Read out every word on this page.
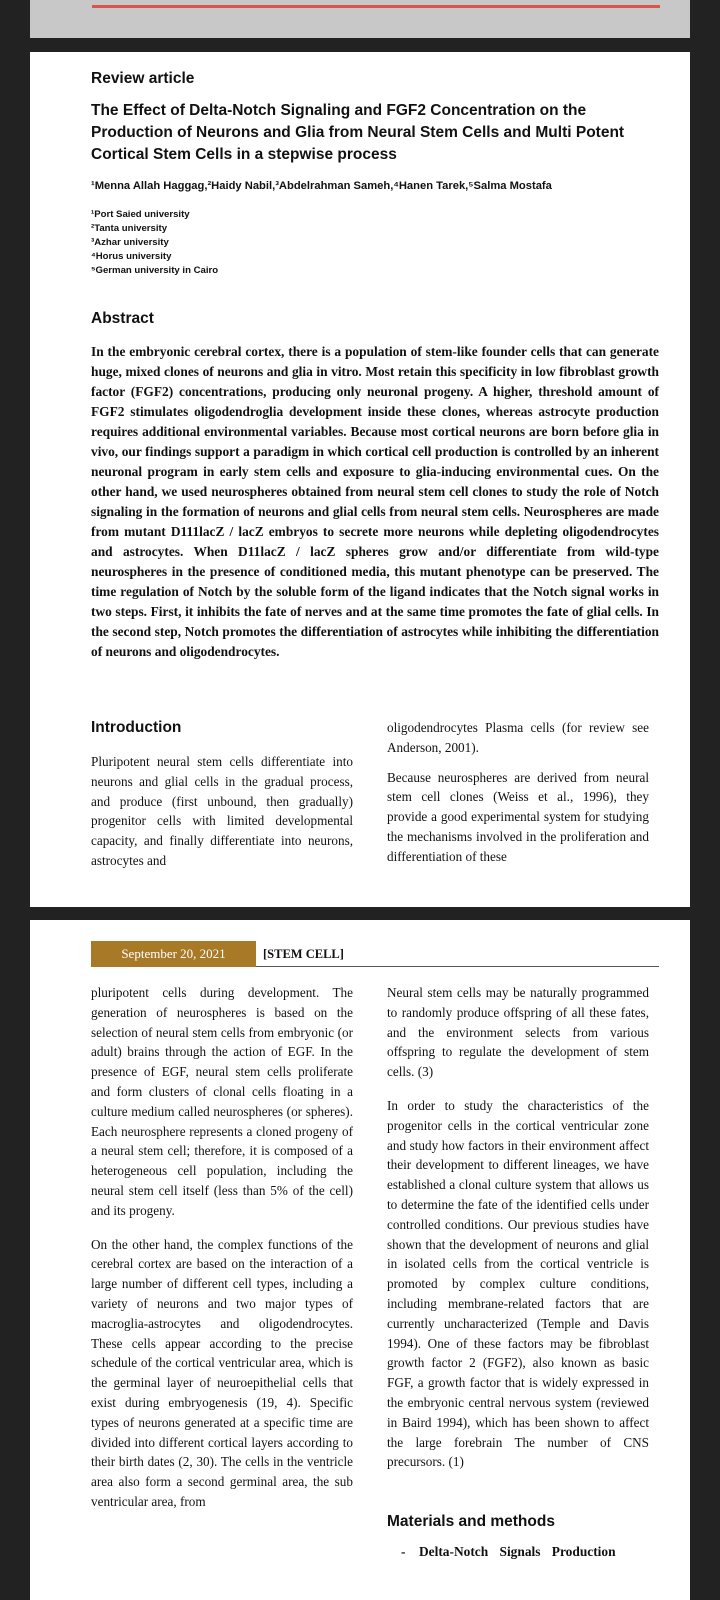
Review article
The Effect of Delta-Notch Signaling and FGF2 Concentration on the Production of Neurons and Glia from Neural Stem Cells and Multi Potent Cortical Stem Cells in a stepwise process
¹Menna Allah Haggag,²Haidy Nabil,³Abdelrahman Sameh,⁴Hanen Tarek,⁵Salma Mostafa
¹Port Saied university
²Tanta university
³Azhar university
⁴Horus university
⁵German university in Cairo
Abstract
In the embryonic cerebral cortex, there is a population of stem-like founder cells that can generate huge, mixed clones of neurons and glia in vitro. Most retain this specificity in low fibroblast growth factor (FGF2) concentrations, producing only neuronal progeny. A higher, threshold amount of FGF2 stimulates oligodendroglia development inside these clones, whereas astrocyte production requires additional environmental variables. Because most cortical neurons are born before glia in vivo, our findings support a paradigm in which cortical cell production is controlled by an inherent neuronal program in early stem cells and exposure to glia-inducing environmental cues. On the other hand, we used neurospheres obtained from neural stem cell clones to study the role of Notch signaling in the formation of neurons and glial cells from neural stem cells. Neurospheres are made from mutant D111lacZ / lacZ embryos to secrete more neurons while depleting oligodendrocytes and astrocytes. When D11lacZ / lacZ spheres grow and/or differentiate from wild-type neurospheres in the presence of conditioned media, this mutant phenotype can be preserved. The time regulation of Notch by the soluble form of the ligand indicates that the Notch signal works in two steps. First, it inhibits the fate of nerves and at the same time promotes the fate of glial cells. In the second step, Notch promotes the differentiation of astrocytes while inhibiting the differentiation of neurons and oligodendrocytes.
Introduction
Pluripotent neural stem cells differentiate into neurons and glial cells in the gradual process, and produce (first unbound, then gradually) progenitor cells with limited developmental capacity, and finally differentiate into neurons, astrocytes and

oligodendrocytes Plasma cells (for review see Anderson, 2001).

Because neurospheres are derived from neural stem cell clones (Weiss et al., 1996), they provide a good experimental system for studying the mechanisms involved in the proliferation and differentiation of these

September 20, 2021	[STEM CELL]

pluripotent cells during development. The generation of neurospheres is based on the selection of neural stem cells from embryonic (or adult) brains through the action of EGF. In the presence of EGF, neural stem cells proliferate and form clusters of clonal cells floating in a culture medium called neurospheres (or spheres). Each neurosphere represents a cloned progeny of a neural stem cell; therefore, it is composed of a heterogeneous cell population, including the neural stem cell itself (less than 5% of the cell) and its progeny.

On the other hand, the complex functions of the cerebral cortex are based on the interaction of a large number of different cell types, including a variety of neurons and two major types of macroglia-astrocytes and oligodendrocytes. These cells appear according to the precise schedule of the cortical ventricular area, which is the germinal layer of neuroepithelial cells that exist during embryogenesis (19, 4). Specific types of neurons generated at a specific time are divided into different cortical layers according to their birth dates (2, 30). The cells in the ventricle area also form a second germinal area, the sub ventricular area, from

Neural stem cells may be naturally programmed to randomly produce offspring of all these fates, and the environment selects from various offspring to regulate the development of stem cells. (3)

In order to study the characteristics of the progenitor cells in the cortical ventricular zone and study how factors in their environment affect their development to different lineages, we have established a clonal culture system that allows us to determine the fate of the identified cells under controlled conditions. Our previous studies have shown that the development of neurons and glial in isolated cells from the cortical ventricle is promoted by complex culture conditions, including membrane-related factors that are currently uncharacterized (Temple and Davis 1994). One of these factors may be fibroblast growth factor 2 (FGF2), also known as basic FGF, a growth factor that is widely expressed in the embryonic central nervous system (reviewed in Baird 1994), which has been shown to affect the large forebrain The number of CNS precursors. (1)

Materials and methods
- Delta-Notch Signals Production
